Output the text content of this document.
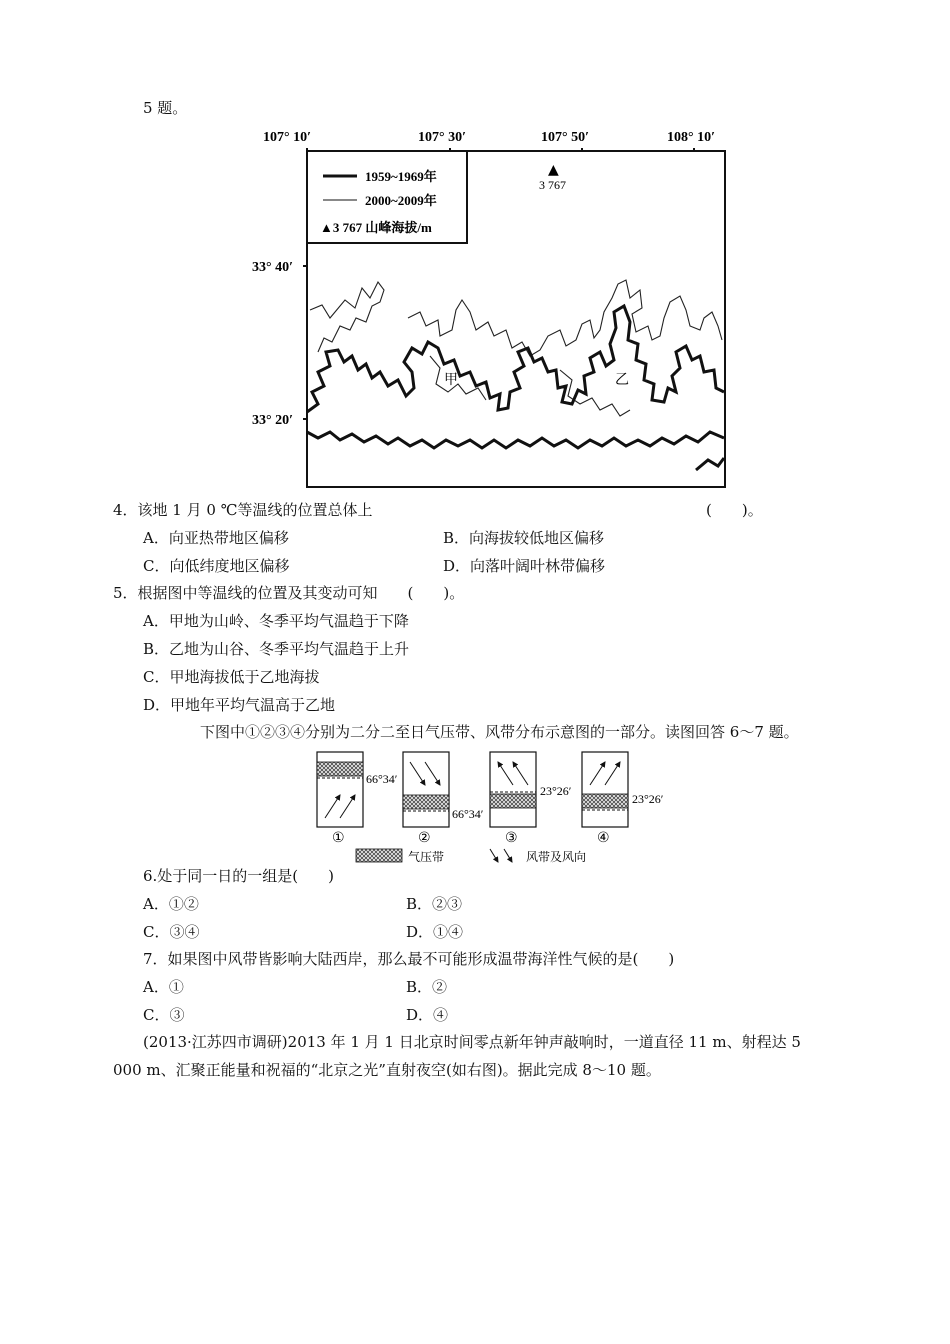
5 题。
107° 10′	107° 30′	107° 50′	108° 10′
33° 40′
33° 20′
1959~1969年
2000~2009年
▲3 767 山峰海拔/m
▲
3 767
甲	乙
4．该地 1 月 0 ℃等温线的位置总体上	(　　)。
A．向亚热带地区偏移	B．向海拔较低地区偏移
C．向低纬度地区偏移	D．向落叶阔叶林带偏移
5．根据图中等温线的位置及其变动可知　　(　　)。
A．甲地为山岭、冬季平均气温趋于下降
B．乙地为山谷、冬季平均气温趋于上升
C．甲地海拔低于乙地海拔
D．甲地年平均气温高于乙地
下图中①②③④分别为二分二至日气压带、风带分布示意图的一部分。读图回答 6～7 题。
66°34′
①
66°34′
②
23°26′
③
23°26′
④
气压带	风带及风向
6.处于同一日的一组是(　　)
A．①②	B．②③
C．③④	D．①④
7．如果图中风带皆影响大陆西岸，那么最不可能形成温带海洋性气候的是(　　)
A．①	B．②
C．③	D．④
(2013·江苏四市调研)2013 年 1 月 1 日北京时间零点新年钟声敲响时，一道直径 11 m、射程达 5
000 m、汇聚正能量和祝福的“北京之光”直射夜空(如右图)。据此完成 8～10 题。
